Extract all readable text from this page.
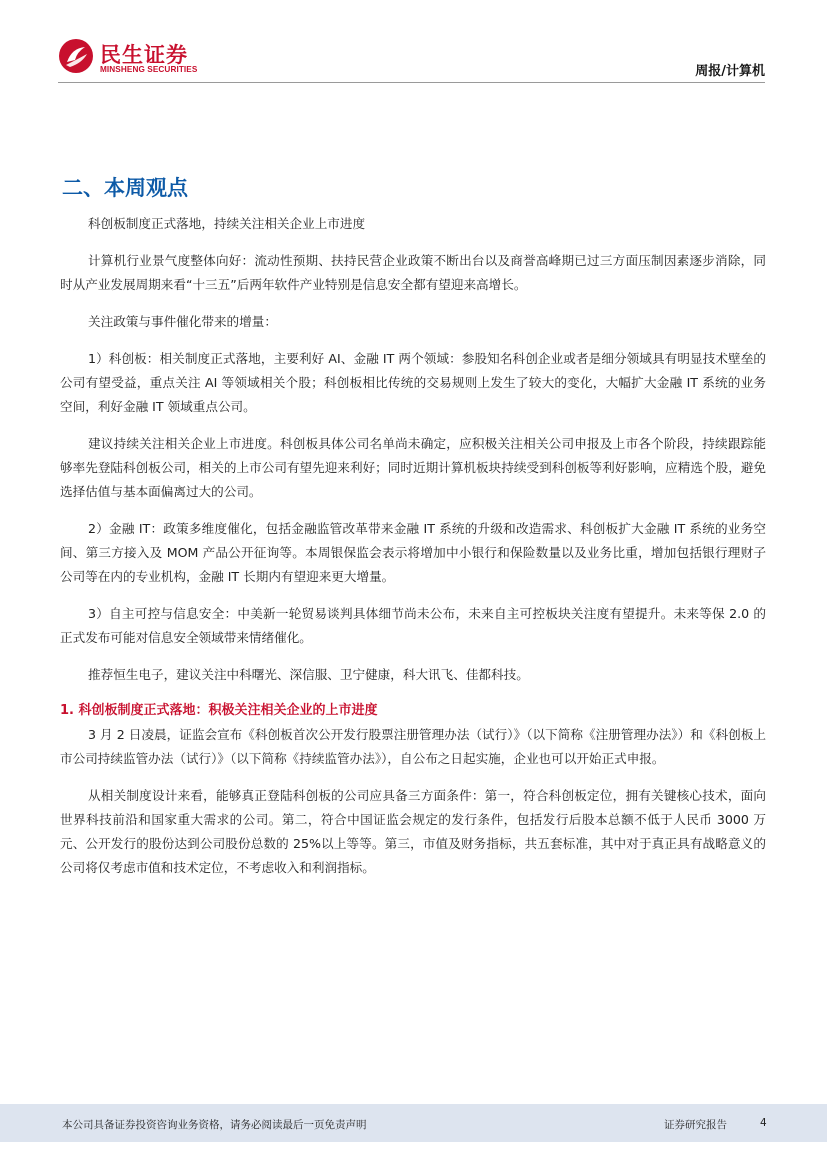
民生证券
MINSHENG SECURITIES	周报/计算机
二、本周观点

科创板制度正式落地，持续关注相关企业上市进度

计算机行业景气度整体向好：流动性预期、扶持民营企业政策不断出台以及商誉高峰期已过三方面压制因素逐步消除，同时从产业发展周期来看“十三五”后两年软件产业特别是信息安全都有望迎来高增长。

关注政策与事件催化带来的增量：

1）科创板：相关制度正式落地，主要利好 AI、金融 IT 两个领域：参股知名科创企业或者是细分领域具有明显技术壁垒的公司有望受益，重点关注 AI 等领域相关个股；科创板相比传统的交易规则上发生了较大的变化，大幅扩大金融 IT 系统的业务空间，利好金融 IT 领域重点公司。

建议持续关注相关企业上市进度。科创板具体公司名单尚未确定，应积极关注相关公司申报及上市各个阶段，持续跟踪能够率先登陆科创板公司，相关的上市公司有望先迎来利好；同时近期计算机板块持续受到科创板等利好影响，应精选个股，避免选择估值与基本面偏离过大的公司。

2）金融 IT：政策多维度催化，包括金融监管改革带来金融 IT 系统的升级和改造需求、科创板扩大金融 IT 系统的业务空间、第三方接入及 MOM 产品公开征询等。本周银保监会表示将增加中小银行和保险数量以及业务比重，增加包括银行理财子公司等在内的专业机构，金融 IT 长期内有望迎来更大增量。

3）自主可控与信息安全：中美新一轮贸易谈判具体细节尚未公布，未来自主可控板块关注度有望提升。未来等保 2.0 的正式发布可能对信息安全领域带来情绪催化。

推荐恒生电子，建议关注中科曙光、深信服、卫宁健康，科大讯飞、佳都科技。

1. 科创板制度正式落地：积极关注相关企业的上市进度

3 月 2 日凌晨，证监会宣布《科创板首次公开发行股票注册管理办法（试行）》（以下简称《注册管理办法》）和《科创板上市公司持续监管办法（试行）》（以下简称《持续监管办法》），自公布之日起实施，企业也可以开始正式申报。

从相关制度设计来看，能够真正登陆科创板的公司应具备三方面条件：第一，符合科创板定位，拥有关键核心技术，面向世界科技前沿和国家重大需求的公司。第二，符合中国证监会规定的发行条件，包括发行后股本总额不低于人民币 3000 万元、公开发行的股份达到公司股份总数的 25%以上等等。第三，市值及财务指标，共五套标准，其中对于真正具有战略意义的公司将仅考虑市值和技术定位，不考虑收入和利润指标。

本公司具备证券投资咨询业务资格，请务必阅读最后一页免责声明	证券研究报告	4
